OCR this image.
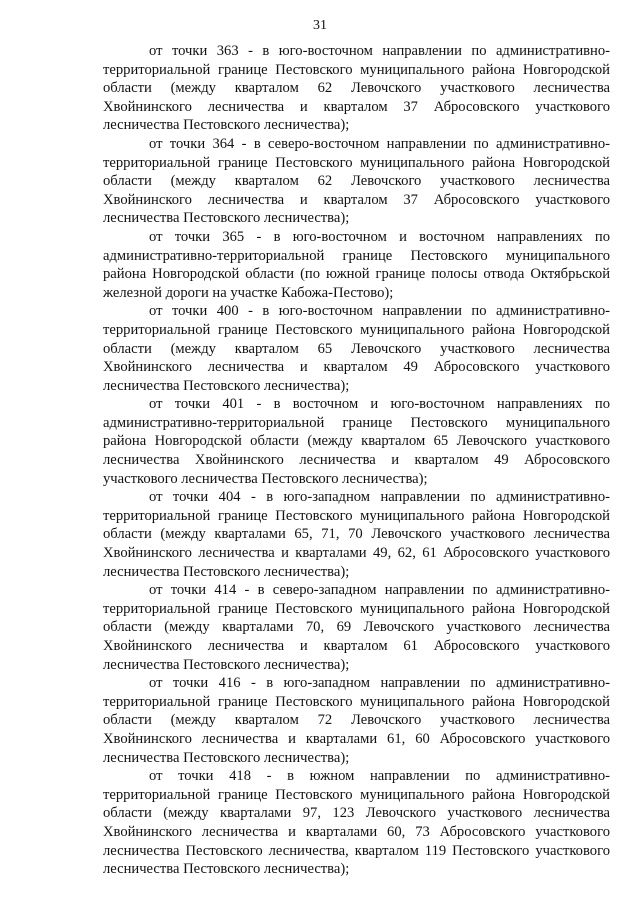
31

от точки 363 - в юго-восточном направлении по административно-территориальной границе Пестовского муниципального района Новгородской области (между кварталом 62 Левочского участкового лесничества Хвойнинского лесничества и кварталом 37 Абросовского участкового лесничества Пестовского лесничества);

от точки 364 - в северо-восточном направлении по административно-территориальной границе Пестовского муниципального района Новгородской области (между кварталом 62 Левочского участкового лесничества Хвойнинского лесничества и кварталом 37 Абросовского участкового лесничества Пестовского лесничества);

от точки 365 - в юго-восточном и восточном направлениях по административно-территориальной границе Пестовского муниципального района Новгородской области (по южной границе полосы отвода Октябрьской железной дороги на участке Кабожа-Пестово);

от точки 400 - в юго-восточном направлении по административно-территориальной границе Пестовского муниципального района Новгородской области (между кварталом 65 Левочского участкового лесничества Хвойнинского лесничества и кварталом 49 Абросовского участкового лесничества Пестовского лесничества);

от точки 401 - в восточном и юго-восточном направлениях по административно-территориальной границе Пестовского муниципального района Новгородской области (между кварталом 65 Левочского участкового лесничества Хвойнинского лесничества и кварталом 49 Абросовского участкового лесничества Пестовского лесничества);

от точки 404 - в юго-западном направлении по административно-территориальной границе Пестовского муниципального района Новгородской области (между кварталами 65, 71, 70 Левочского участкового лесничества Хвойнинского лесничества и кварталами 49, 62, 61 Абросовского участкового лесничества Пестовского лесничества);

от точки 414 - в северо-западном направлении по административно-территориальной границе Пестовского муниципального района Новгородской области (между кварталами 70, 69 Левочского участкового лесничества Хвойнинского лесничества и кварталом 61 Абросовского участкового лесничества Пестовского лесничества);

от точки 416 - в юго-западном направлении по административно-территориальной границе Пестовского муниципального района Новгородской области (между кварталом 72 Левочского участкового лесничества Хвойнинского лесничества и кварталами 61, 60 Абросовского участкового лесничества Пестовского лесничества);

от точки 418 - в южном направлении по административно-территориальной границе Пестовского муниципального района Новгородской области (между кварталами 97, 123 Левочского участкового лесничества Хвойнинского лесничества и кварталами 60, 73 Абросовского участкового лесничества Пестовского лесничества, кварталом 119 Пестовского участкового лесничества Пестовского лесничества);
